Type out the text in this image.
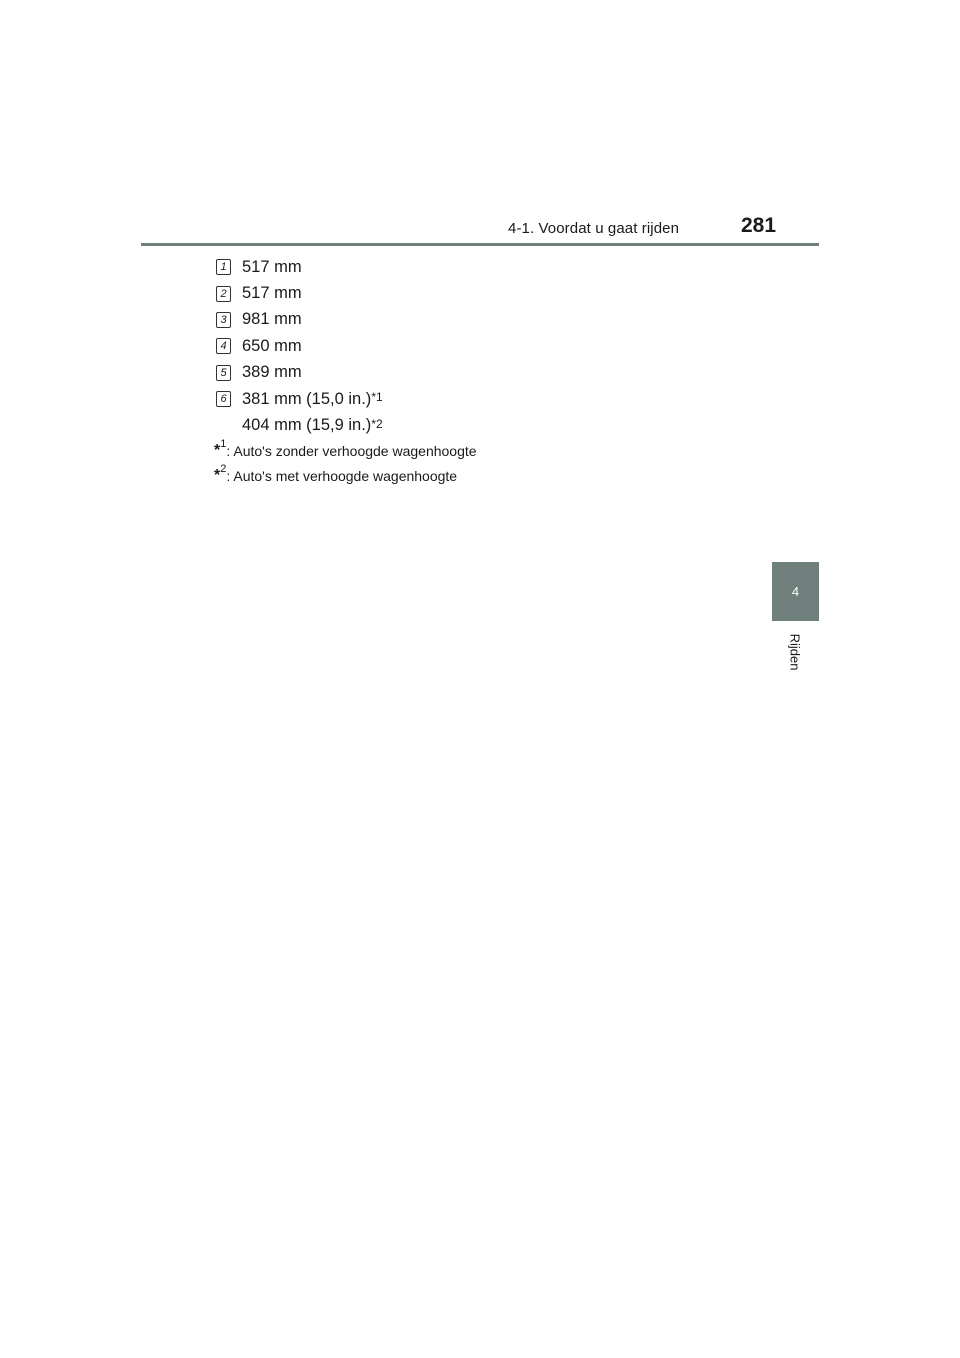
4-1. Voordat u gaat rijden	281
4
Rijden
1 517 mm
2 517 mm
3 981 mm
4 650 mm
5 389 mm
6 381 mm (15,0 in.)$^{*1}$
404 mm (15,9 in.)$^{*2}$
*$^1$ : Auto's zonder verhoogde wagenhoogte
*$^2$ : Auto's met verhoogde wagenhoogte
